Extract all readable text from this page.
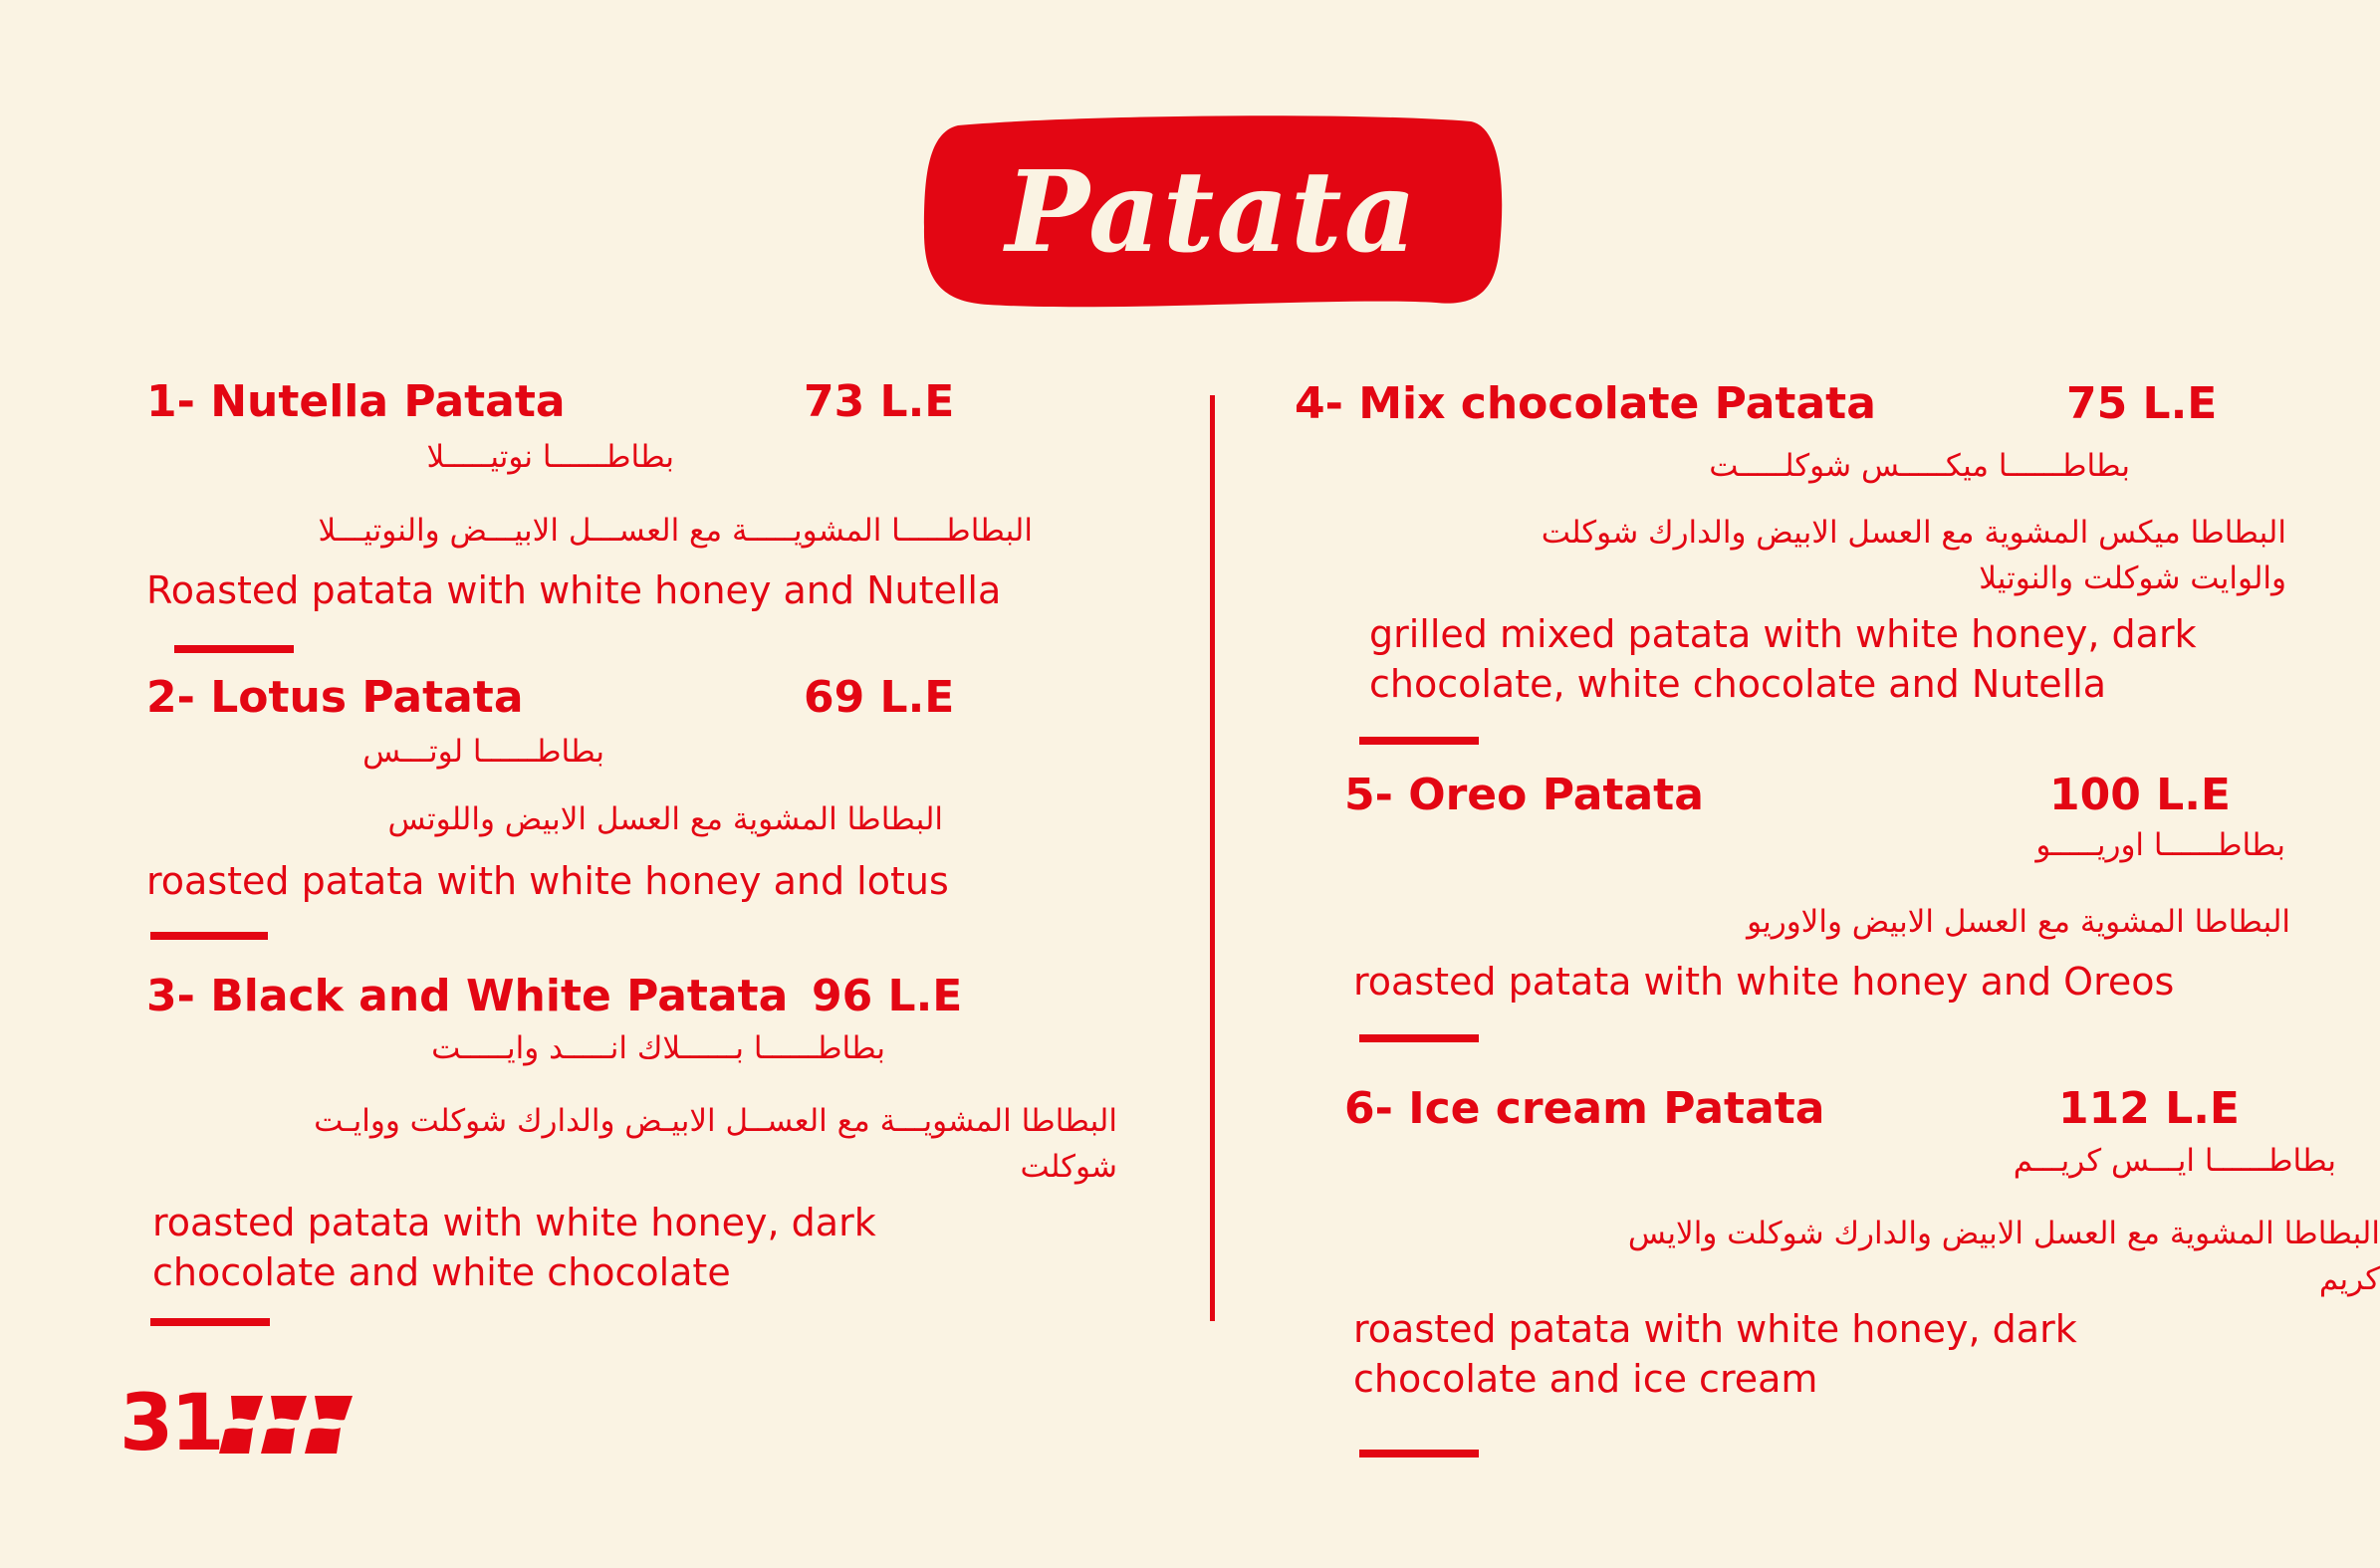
Patata
1- Nutella Patata	73 L.E
بطاطــــــا نوتيـــــلا
البطاطـــــا المشويـــــة مع العســـل الابيـــض والنوتيـــلا
Roasted patata with white honey and Nutella
2- Lotus Patata	69 L.E
بطاطــــــا لوتـــس
البطاطا المشوية مع العسل الابيض واللوتس
roasted patata with white honey and lotus
3- Black and White Patata 96 L.E
بطاطــــــا بــــــلاك انـــــد وايـــــت
البطاطا المشويـــة مع العســل الابيـض والدارك شوكلت ووايـت شوكلت
roasted patata with white honey, dark chocolate and white chocolate
4- Mix chocolate Patata	75 L.E
بطاطــــــا ميكـــــس شوكلـــــت
البطاطا ميكس المشوية مع العسل الابيض والدارك شوكلت والوايت شوكلت والنوتيلا
grilled mixed patata with white honey, dark chocolate, white chocolate and Nutella
5- Oreo Patata	100 L.E
بطاطــــــا اوريـــــو
البطاطا المشوية مع العسل الابيض والاوريو
roasted patata with white honey and Oreos
6- Ice cream Patata	112 L.E
بطاطــــــا ايـــس كريـــم
البطاطا المشوية مع العسل الابيض والدارك شوكلت والايس كريم
roasted patata with white honey, dark chocolate and ice cream
31
